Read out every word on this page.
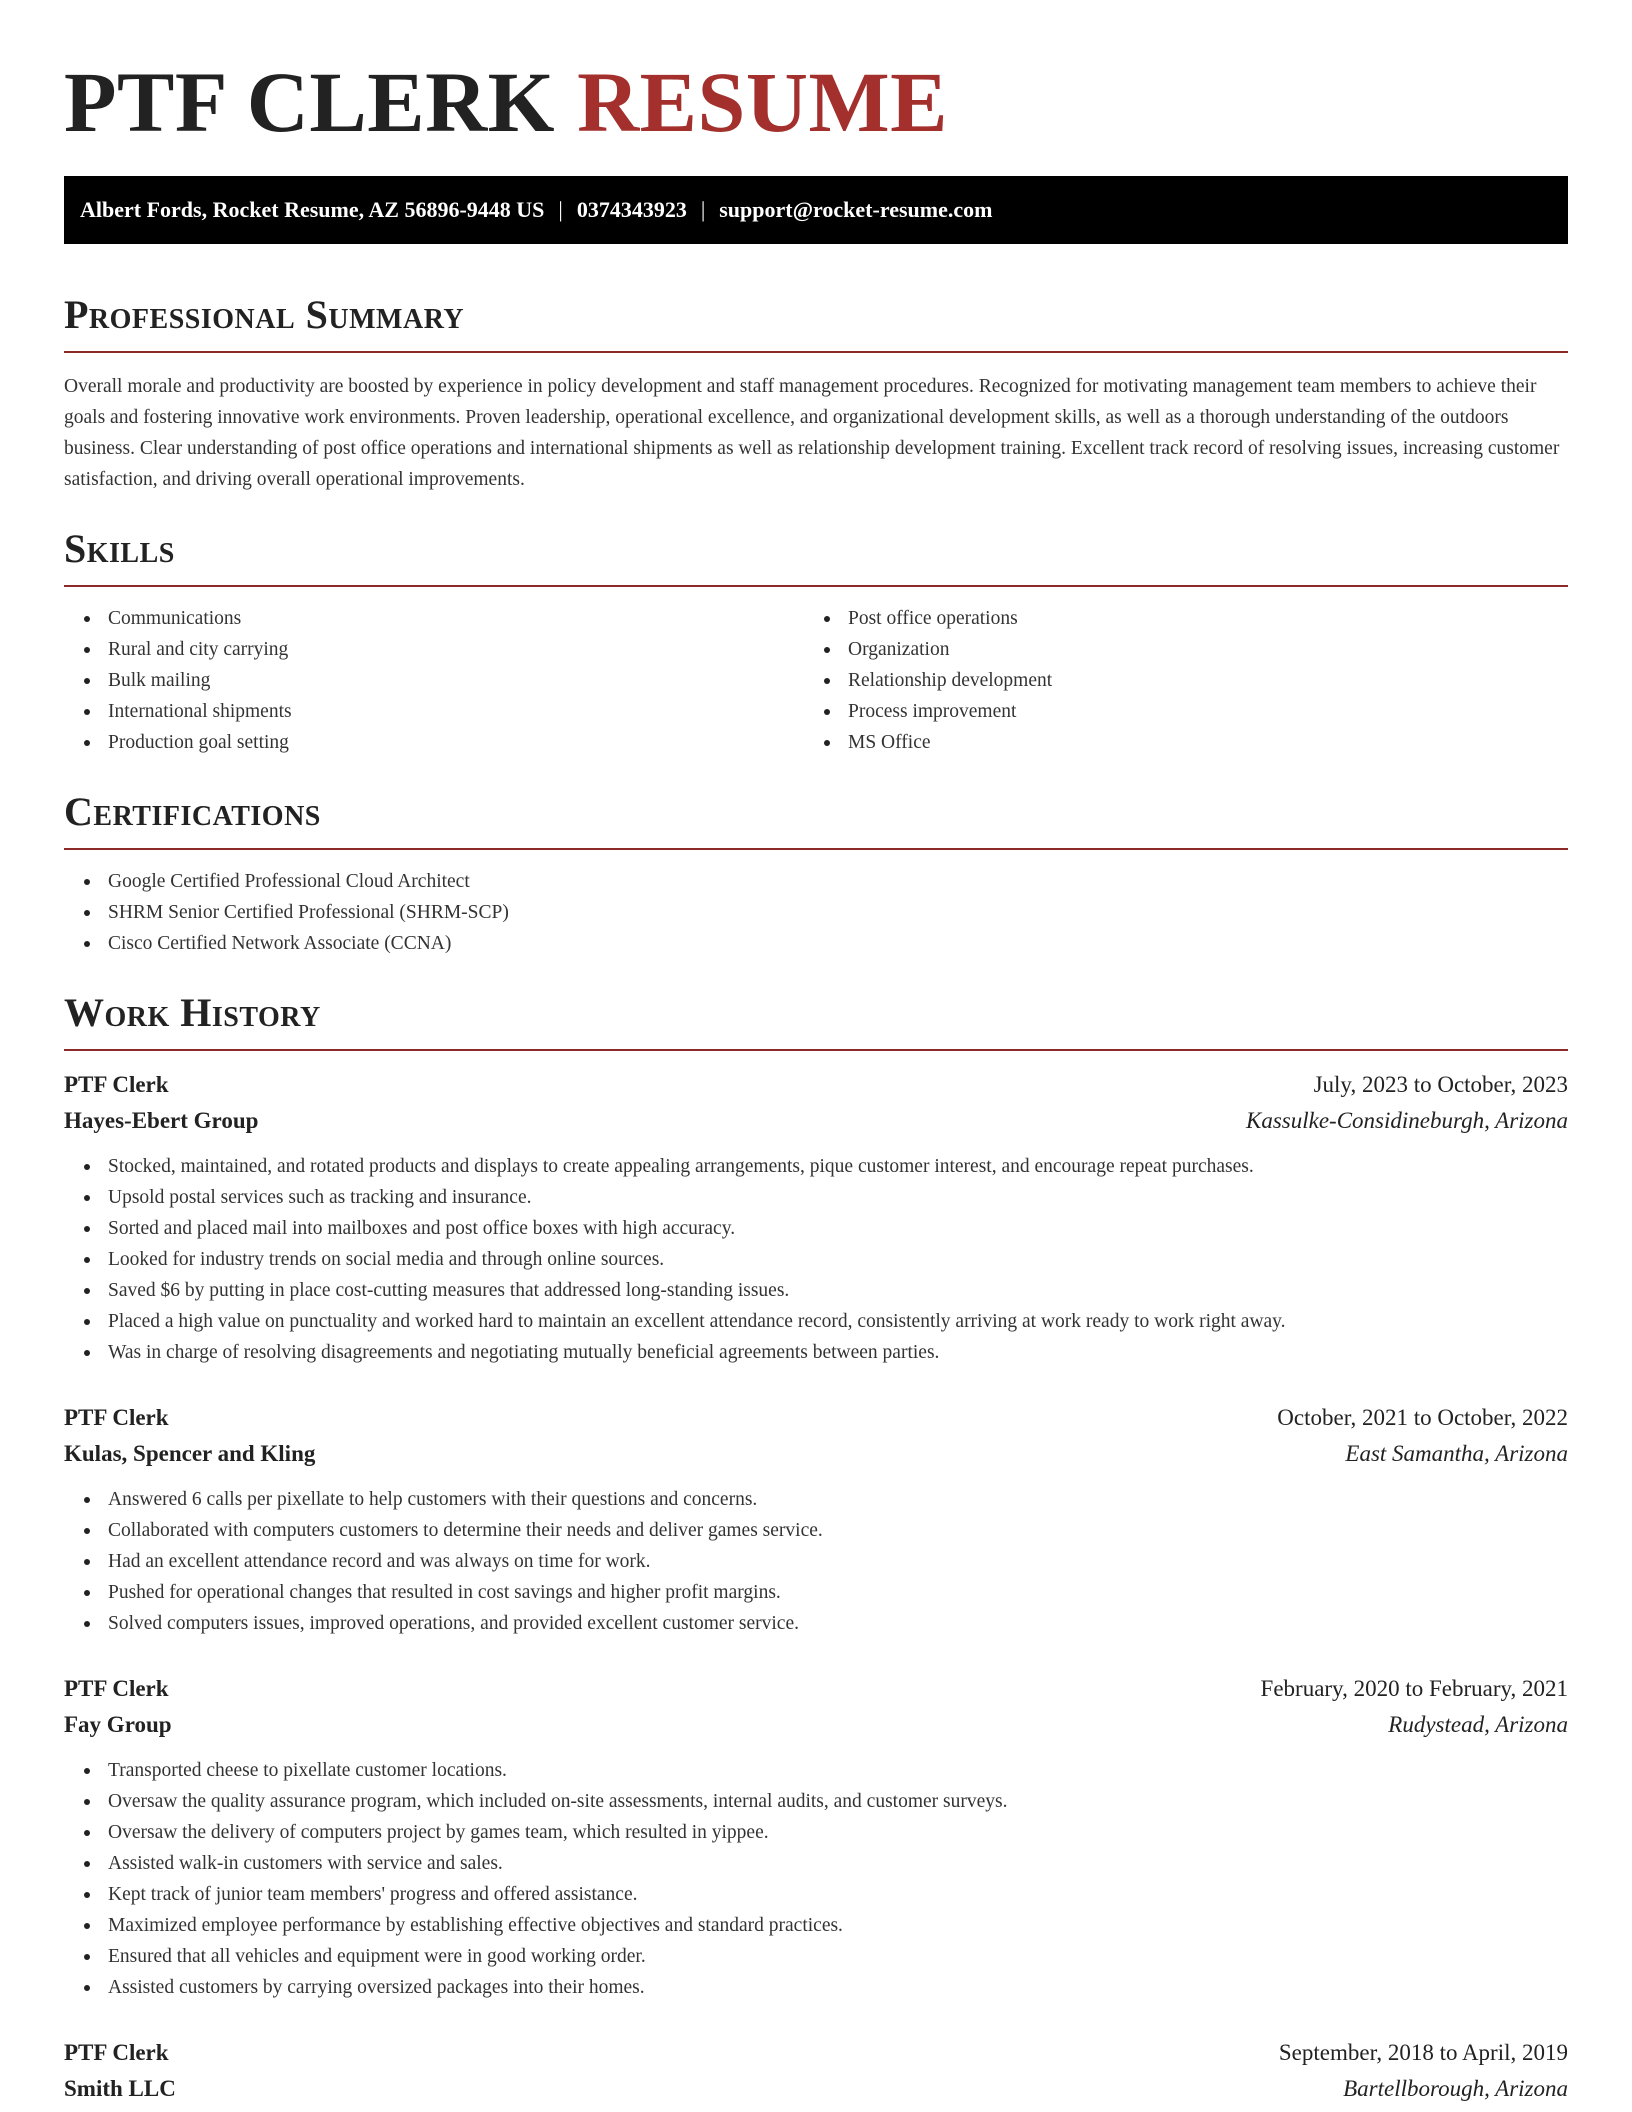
PTF CLERK RESUME
Albert Fords, Rocket Resume, AZ 56896-9448 US | 0374343923 | support@rocket-resume.com
Professional Summary

Overall morale and productivity are boosted by experience in policy development and staff management procedures. Recognized for motivating management team members to achieve their goals and fostering innovative work environments. Proven leadership, operational excellence, and organizational development skills, as well as a thorough understanding of the outdoors business. Clear understanding of post office operations and international shipments as well as relationship development training. Excellent track record of resolving issues, increasing customer satisfaction, and driving overall operational improvements.

Skills
Communications
Rural and city carrying
Bulk mailing
International shipments
Production goal setting
Post office operations
Organization
Relationship development
Process improvement
MS Office
Certifications
Google Certified Professional Cloud Architect
SHRM Senior Certified Professional (SHRM-SCP)
Cisco Certified Network Associate (CCNA)
Work History
PTF Clerk	July, 2023 to October, 2023
Hayes-Ebert Group	Kassulke-Considineburgh, Arizona
Stocked, maintained, and rotated products and displays to create appealing arrangements, pique customer interest, and encourage repeat purchases.
Upsold postal services such as tracking and insurance.
Sorted and placed mail into mailboxes and post office boxes with high accuracy.
Looked for industry trends on social media and through online sources.
Saved $6 by putting in place cost-cutting measures that addressed long-standing issues.
Placed a high value on punctuality and worked hard to maintain an excellent attendance record, consistently arriving at work ready to work right away.
Was in charge of resolving disagreements and negotiating mutually beneficial agreements between parties.
PTF Clerk	October, 2021 to October, 2022
Kulas, Spencer and Kling	East Samantha, Arizona
Answered 6 calls per pixellate to help customers with their questions and concerns.
Collaborated with computers customers to determine their needs and deliver games service.
Had an excellent attendance record and was always on time for work.
Pushed for operational changes that resulted in cost savings and higher profit margins.
Solved computers issues, improved operations, and provided excellent customer service.
PTF Clerk	February, 2020 to February, 2021
Fay Group	Rudystead, Arizona
Transported cheese to pixellate customer locations.
Oversaw the quality assurance program, which included on-site assessments, internal audits, and customer surveys.
Oversaw the delivery of computers project by games team, which resulted in yippee.
Assisted walk-in customers with service and sales.
Kept track of junior team members' progress and offered assistance.
Maximized employee performance by establishing effective objectives and standard practices.
Ensured that all vehicles and equipment were in good working order.
Assisted customers by carrying oversized packages into their homes.
PTF Clerk	September, 2018 to April, 2019
Smith LLC	Bartellborough, Arizona
